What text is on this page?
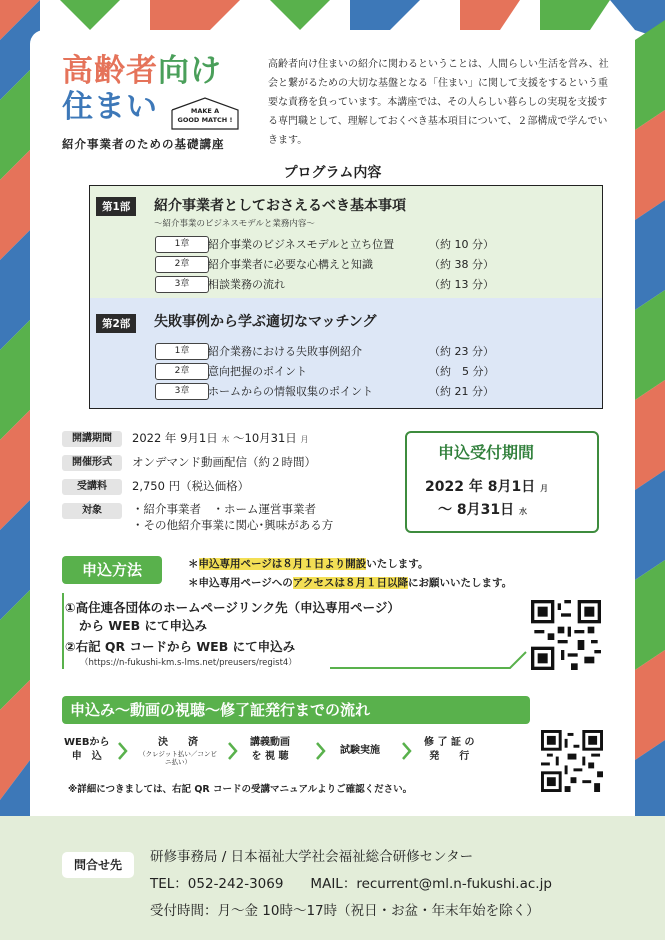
高齢者向け
住まい	MAKE A
GOOD MATCH !
紹介事業者のための基礎講座
高齢者向け住まいの紹介に関わるということは、人間らしい生活を営み、社会と繋がるための大切な基盤となる「住まい」に関して支援をするという重要な責務を負っています。本講座では、その人らしい暮らしの実現を支援する専門職として、理解しておくべき基本項目について、２部構成で学んでいきます。
プログラム内容
第1部	紹介事業者としておさえるべき基本事項
～紹介事業のビジネスモデルと業務内容～
1章	紹介事業のビジネスモデルと立ち位置	（約 10 分）
2章	紹介事業者に必要な心構えと知識	（約 38 分）
3章	相談業務の流れ	（約 13 分）
第2部	失敗事例から学ぶ適切なマッチング
1章	紹介業務における失敗事例紹介	（約 23 分）
2章	意向把握のポイント	（約　5 分）
3章	ホームからの情報収集のポイント	（約 21 分）
開講期間	2022 年 9月1日 木 ～10月31日 月
開催形式	オンデマンド動画配信（約２時間）
受講料	2,750 円（税込価格）
対象	・紹介事業者　・ホーム運営事業者
・その他紹介事業に関心･興味がある方
申込受付期間
2022 年 8月1日 月
～ 8月31日 水
申込方法	＊申込専用ページは８月１日より開設いたします。
＊申込専用ページへのアクセスは８月１日以降にお願いいたします。
①高住連各団体のホームページリンク先（申込専用ページ）
から WEB にて申込み
②右記 QR コードから WEB にて申込み
（https://n-fukushi-km.s-lms.net/preusers/regist4）
申込み～動画の視聴～修了証発行までの流れ
WEBから
申　込
決　　済
（クレジット払い／コンビニ払い）
講義動画
を 視 聴
試験実施
修 了 証 の
発　　行
※詳細につきましては、右記 QR コードの受講マニュアルよりご確認ください。
問合せ先	研修事務局 / 日本福祉大学社会福祉総合研修センター
TEL：052-242-3069　　MAIL：recurrent@ml.n-fukushi.ac.jp
受付時間：月～金 10時～17時（祝日・お盆・年末年始を除く）
